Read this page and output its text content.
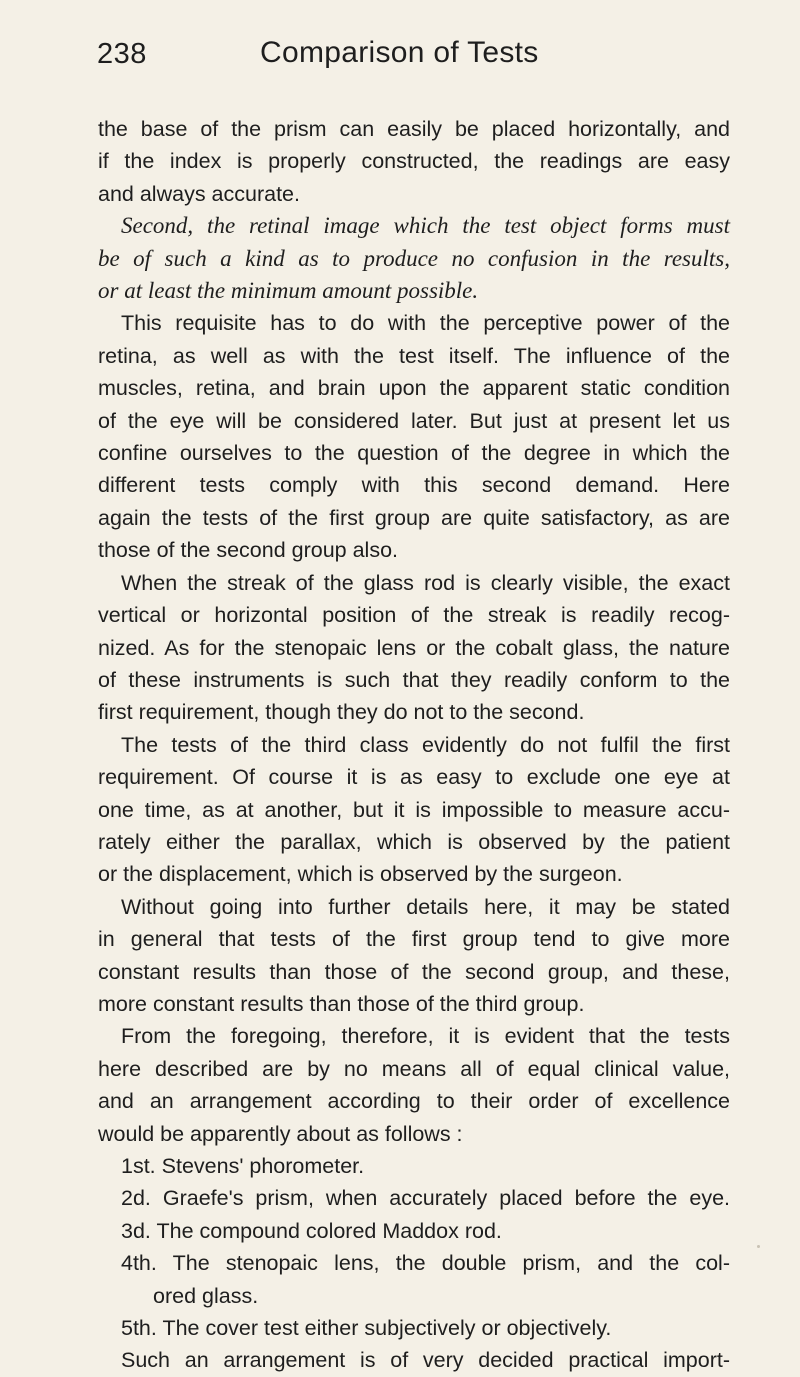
238	Comparison of Tests
the base of the prism can easily be placed horizontally, and
if the index is properly constructed, the readings are easy
and always accurate.
Second, the retinal image which the test object forms must
be of such a kind as to produce no confusion in the results,
or at least the minimum amount possible.
This requisite has to do with the perceptive power of the
retina, as well as with the test itself. The influence of the
muscles, retina, and brain upon the apparent static condition
of the eye will be considered later. But just at present let us
confine ourselves to the question of the degree in which the
different tests comply with this second demand. Here
again the tests of the first group are quite satisfactory, as are
those of the second group also.
When the streak of the glass rod is clearly visible, the exact
vertical or horizontal position of the streak is readily recog-
nized. As for the stenopaic lens or the cobalt glass, the nature
of these instruments is such that they readily conform to the
first requirement, though they do not to the second.
The tests of the third class evidently do not fulfil the first
requirement. Of course it is as easy to exclude one eye at
one time, as at another, but it is impossible to measure accu-
rately either the parallax, which is observed by the patient
or the displacement, which is observed by the surgeon.
Without going into further details here, it may be stated
in general that tests of the first group tend to give more
constant results than those of the second group, and these,
more constant results than those of the third group.
From the foregoing, therefore, it is evident that the tests
here described are by no means all of equal clinical value,
and an arrangement according to their order of excellence
would be apparently about as follows :
1st. Stevens' phorometer.
2d. Graefe's prism, when accurately placed before the eye.
3d. The compound colored Maddox rod.
4th. The stenopaic lens, the double prism, and the col-
ored glass.
5th. The cover test either subjectively or objectively.
Such an arrangement is of very decided practical import-
